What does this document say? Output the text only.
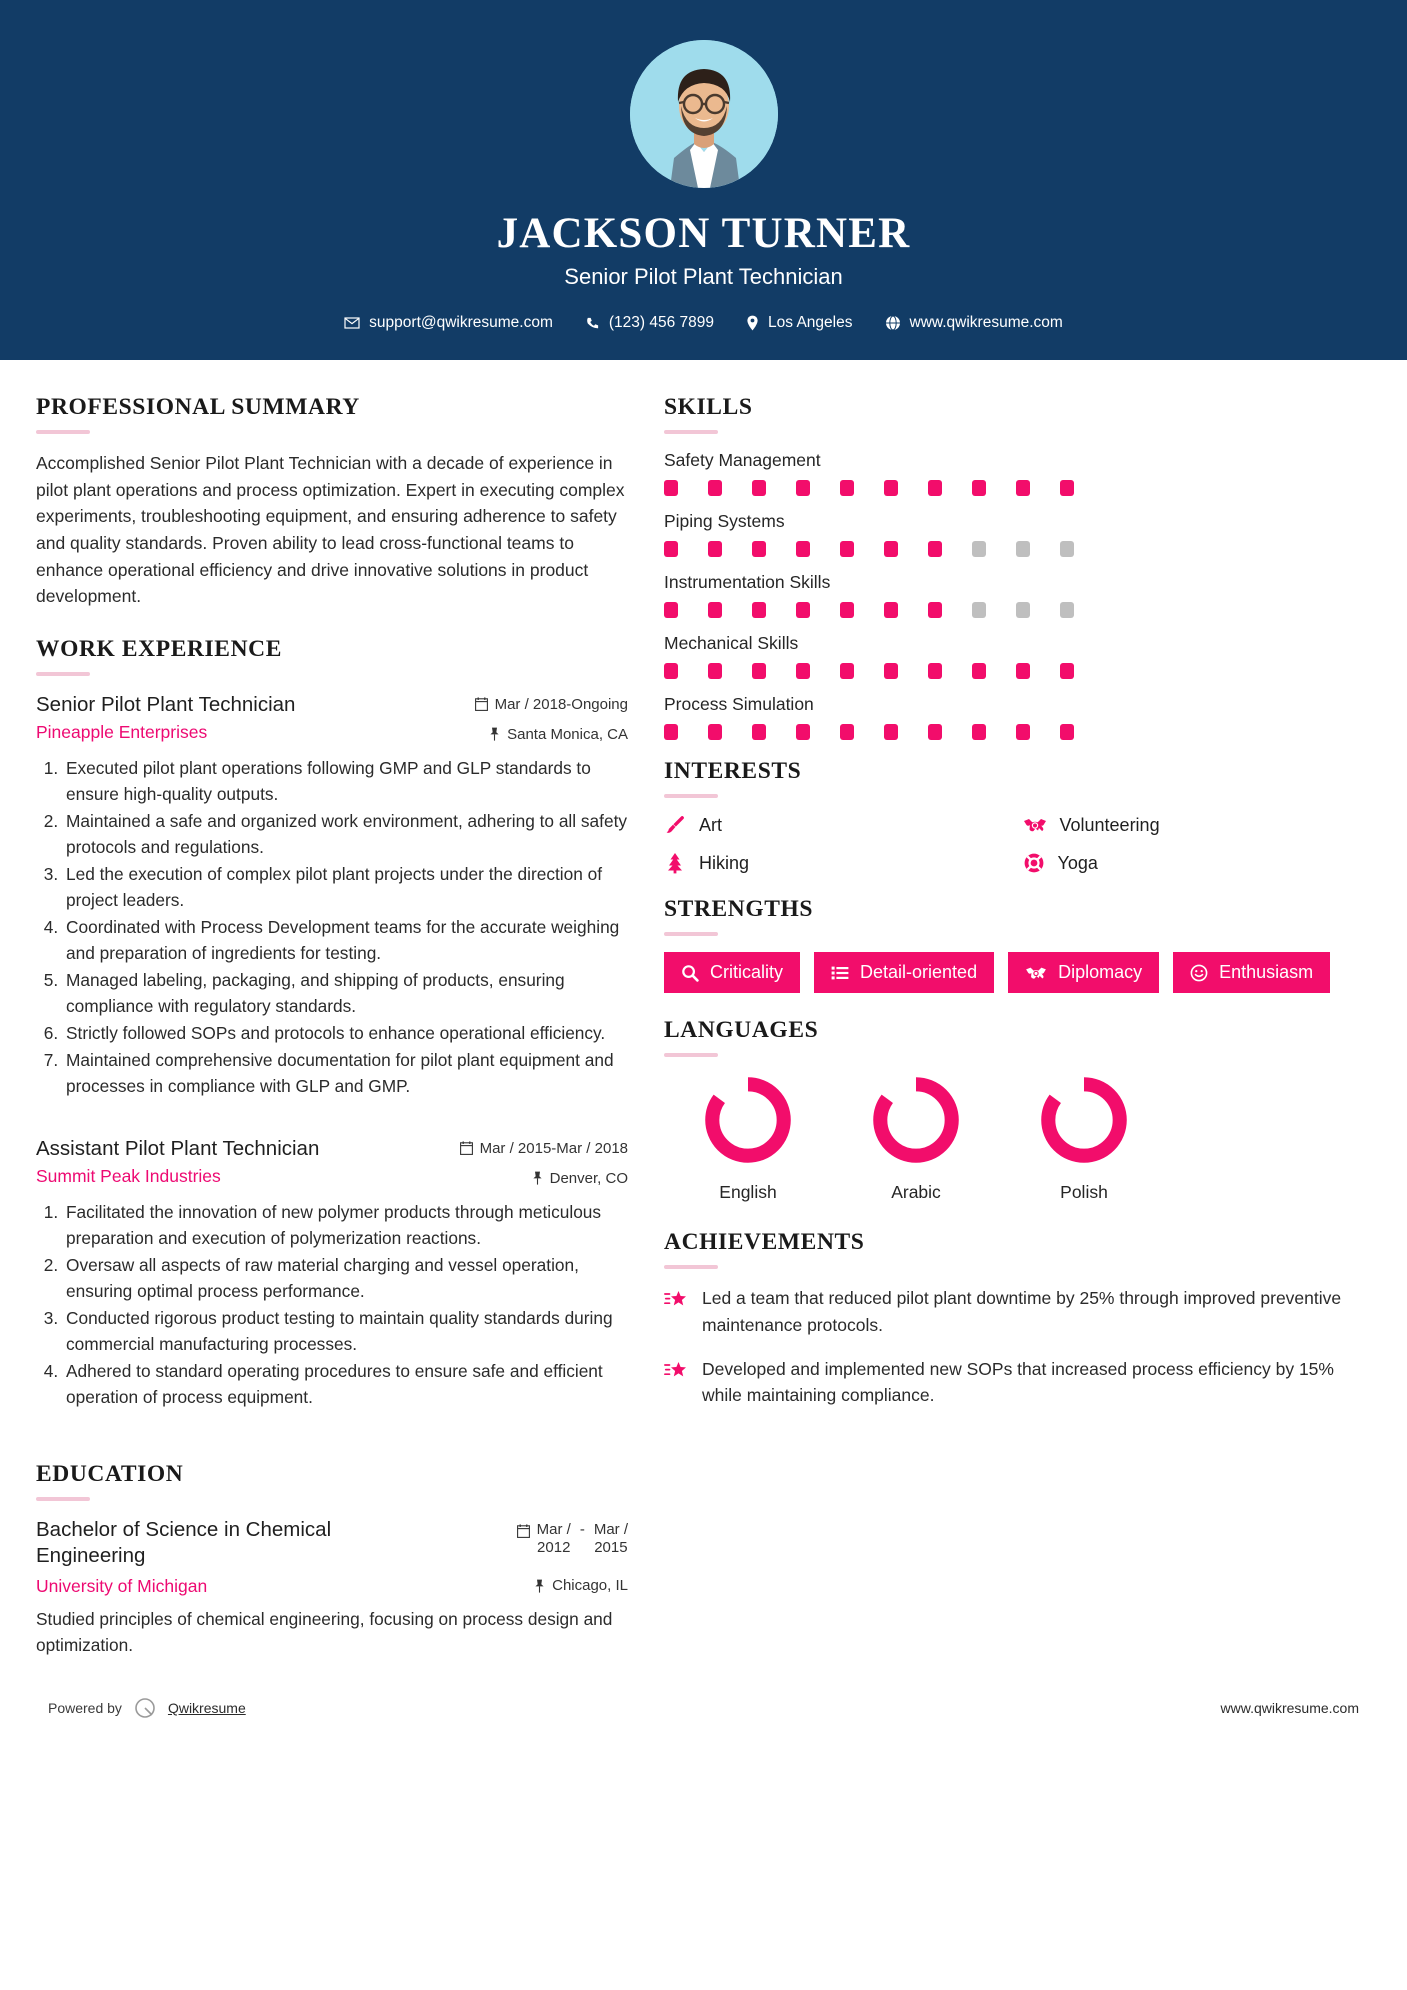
JACKSON TURNER
Senior Pilot Plant Technician
support@qwikresume.com	(123) 456 7899	Los Angeles	www.qwikresume.com
PROFESSIONAL SUMMARY
Accomplished Senior Pilot Plant Technician with a decade of experience in pilot plant operations and process optimization. Expert in executing complex experiments, troubleshooting equipment, and ensuring adherence to safety and quality standards. Proven ability to lead cross-functional teams to enhance operational efficiency and drive innovative solutions in product development.
WORK EXPERIENCE
Senior Pilot Plant Technician
Pineapple Enterprises
Mar / 2018-Ongoing
Santa Monica, CA
1. Executed pilot plant operations following GMP and GLP standards to ensure high-quality outputs.
2. Maintained a safe and organized work environment, adhering to all safety protocols and regulations.
3. Led the execution of complex pilot plant projects under the direction of project leaders.
4. Coordinated with Process Development teams for the accurate weighing and preparation of ingredients for testing.
5. Managed labeling, packaging, and shipping of products, ensuring compliance with regulatory standards.
6. Strictly followed SOPs and protocols to enhance operational efficiency.
7. Maintained comprehensive documentation for pilot plant equipment and processes in compliance with GLP and GMP.
Assistant Pilot Plant Technician
Summit Peak Industries
Mar / 2015-Mar / 2018
Denver, CO
1. Facilitated the innovation of new polymer products through meticulous preparation and execution of polymerization reactions.
2. Oversaw all aspects of raw material charging and vessel operation, ensuring optimal process performance.
3. Conducted rigorous product testing to maintain quality standards during commercial manufacturing processes.
4. Adhered to standard operating procedures to ensure safe and efficient operation of process equipment.
EDUCATION
Bachelor of Science in Chemical Engineering
University of Michigan
Mar /
2012
- Mar /
2015
Chicago, IL
Studied principles of chemical engineering, focusing on process design and optimization.
SKILLS
Safety Management
Piping Systems
Instrumentation Skills
Mechanical Skills
Process Simulation
INTERESTS
Art	Volunteering
Hiking	Yoga
STRENGTHS
Criticality	Detail-oriented	Diplomacy	Enthusiasm
LANGUAGES
English	Arabic	Polish
ACHIEVEMENTS
Led a team that reduced pilot plant downtime by 25% through improved preventive maintenance protocols.
Developed and implemented new SOPs that increased process efficiency by 15% while maintaining compliance.
Powered by	Qwikresume	www.qwikresume.com
